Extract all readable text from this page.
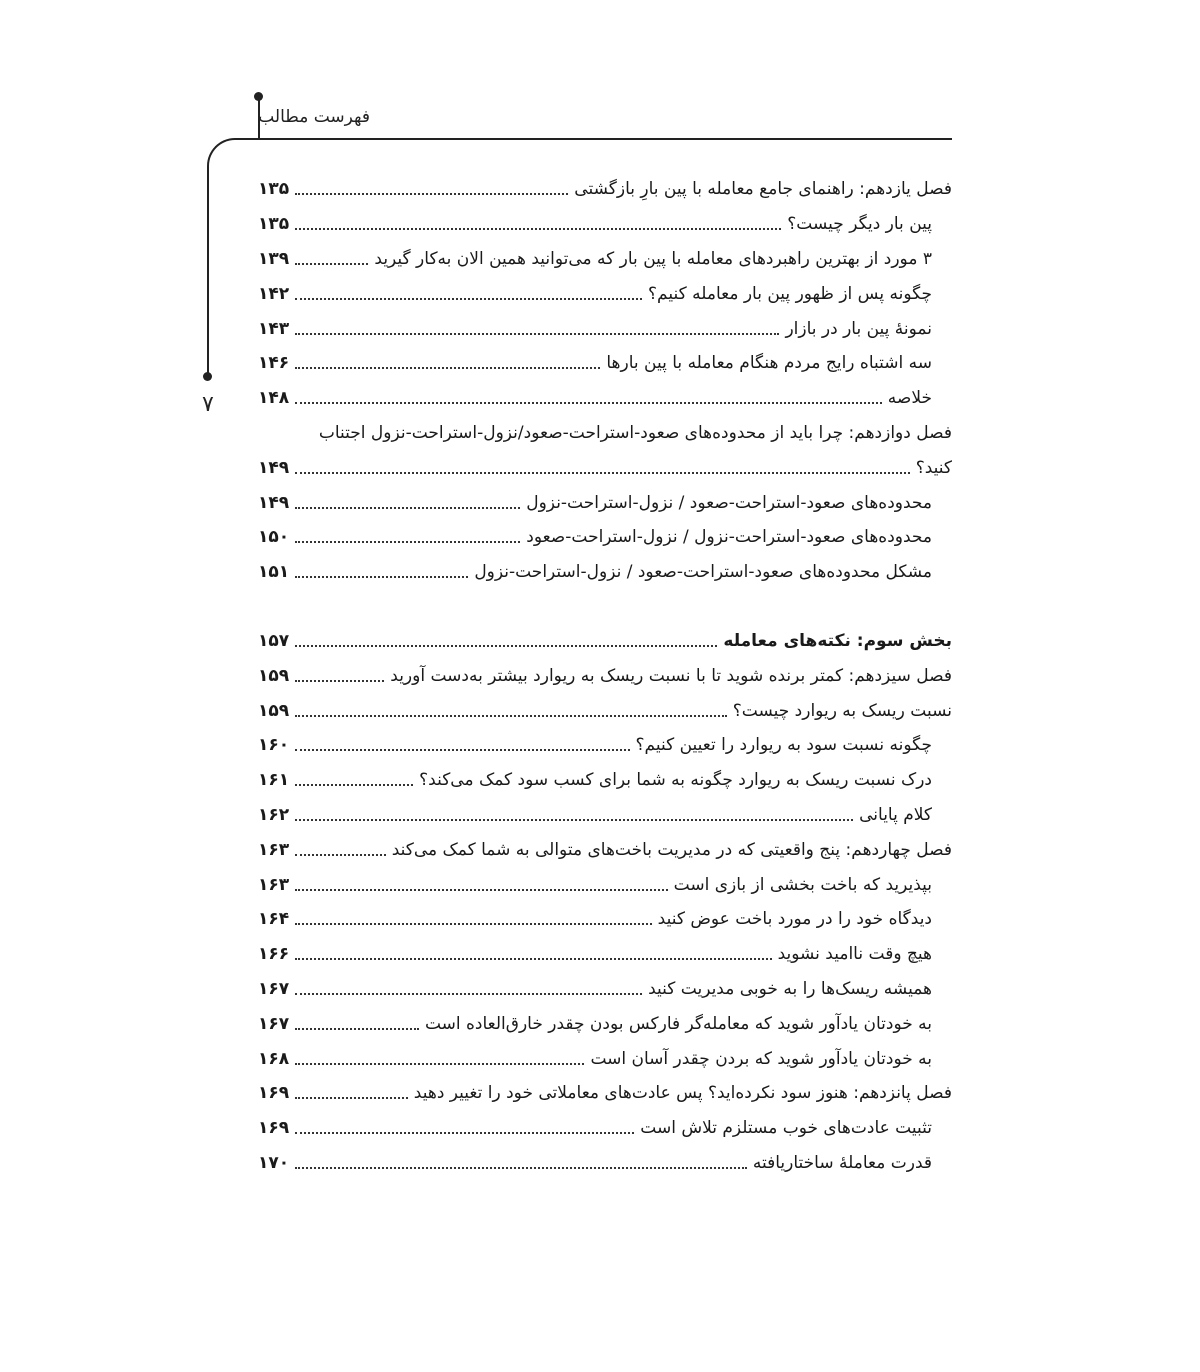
فهرست مطالب
۷
فصل یازدهم: راهنمای جامع معامله با پین بارِ بازگشتی
۱۳۵
پین بار دیگر چیست؟
۱۳۵
۳ مورد از بهترین راهبردهای معامله با پین بار که می‌توانید همین الان به‌کار گیرید
۱۳۹
چگونه پس از ظهور پین بار معامله کنیم؟
۱۴۲
نمونهٔ پین بار در بازار
۱۴۳
سه اشتباه رایج مردم هنگام معامله با پین بارها
۱۴۶
خلاصه
۱۴۸
فصل دوازدهم: چرا باید از محدوده‌های صعود-استراحت-صعود/نزول-استراحت-نزول اجتناب
کنید؟
۱۴۹
محدوده‌های صعود-استراحت-صعود / نزول-استراحت-نزول
۱۴۹
محدوده‌های صعود-استراحت-نزول / نزول-استراحت-صعود
۱۵۰
مشکل محدوده‌های صعود-استراحت-صعود / نزول-استراحت-نزول
۱۵۱
بخش سوم: نکته‌های معامله
۱۵۷
فصل سیزدهم: کمتر برنده شوید تا با نسبت ریسک به ریوارد بیشتر به‌دست آورید
۱۵۹
نسبت ریسک به ریوارد چیست؟
۱۵۹
چگونه نسبت سود به ریوارد را تعیین کنیم؟
۱۶۰
درک نسبت ریسک به ریوارد چگونه به شما برای کسب سود کمک می‌کند؟
۱۶۱
کلام پایانی
۱۶۲
فصل چهاردهم: پنج واقعیتی که در مدیریت باخت‌های متوالی به شما کمک می‌کند
۱۶۳
بپذیرید که باخت بخشی از بازی است
۱۶۳
دیدگاه خود را در مورد باخت عوض کنید
۱۶۴
هیچ وقت ناامید نشوید
۱۶۶
همیشه ریسک‌ها را به خوبی مدیریت کنید
۱۶۷
به خودتان یادآور شوید که معامله‌گر فارکس بودن چقدر خارق‌العاده است
۱۶۷
به خودتان یادآور شوید که بردن چقدر آسان است
۱۶۸
فصل پانزدهم: هنوز سود نکرده‌اید؟ پس عادت‌های معاملاتی خود را تغییر دهید
۱۶۹
تثبیت عادت‌های خوب مستلزم تلاش است
۱۶۹
قدرت معاملهٔ ساختاریافته
۱۷۰
